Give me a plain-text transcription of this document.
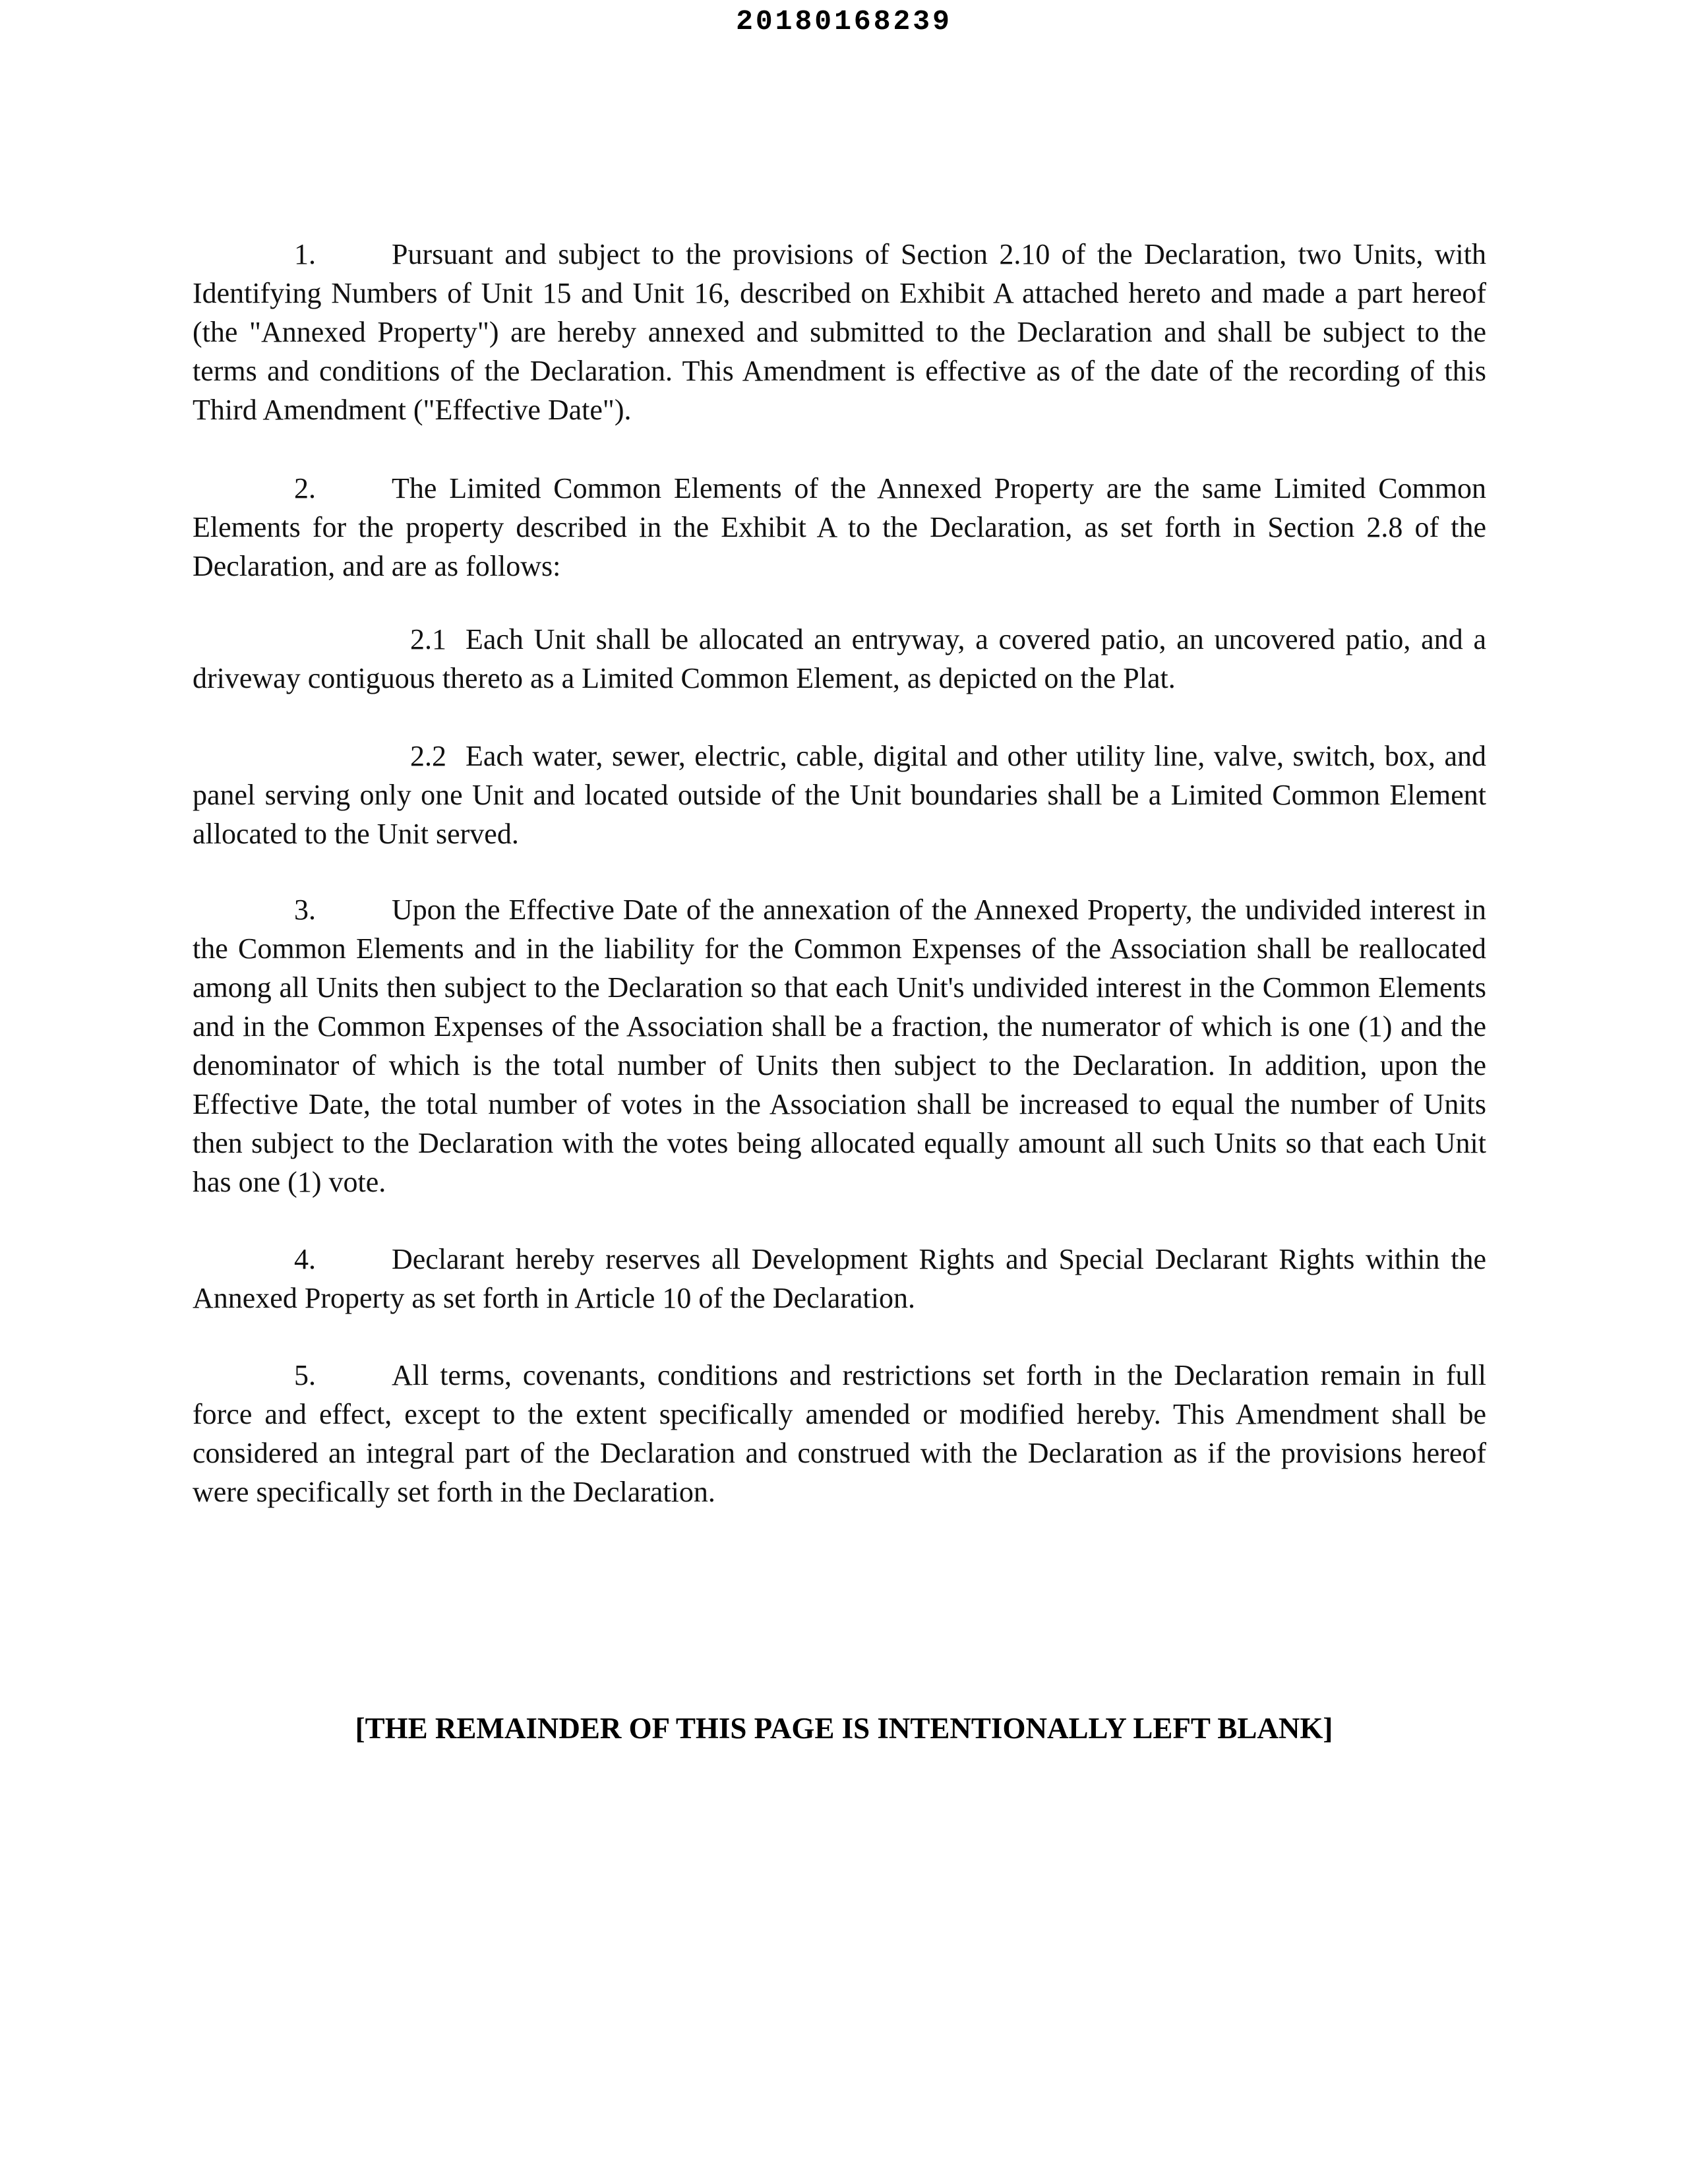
20180168239

1.	Pursuant and subject to the provisions of Section 2.10 of the Declaration, two Units, with Identifying Numbers of Unit 15 and Unit 16, described on Exhibit A attached hereto and made a part hereof (the "Annexed Property") are hereby annexed and submitted to the Declaration and shall be subject to the terms and conditions of the Declaration. This Amendment is effective as of the date of the recording of this Third Amendment ("Effective Date").

2.	The Limited Common Elements of the Annexed Property are the same Limited Common Elements for the property described in the Exhibit A to the Declaration, as set forth in Section 2.8 of the Declaration, and are as follows:

2.1 Each Unit shall be allocated an entryway, a covered patio, an uncovered patio, and a driveway contiguous thereto as a Limited Common Element, as depicted on the Plat.

2.2 Each water, sewer, electric, cable, digital and other utility line, valve, switch, box, and panel serving only one Unit and located outside of the Unit boundaries shall be a Limited Common Element allocated to the Unit served.

3.	Upon the Effective Date of the annexation of the Annexed Property, the undivided interest in the Common Elements and in the liability for the Common Expenses of the Association shall be reallocated among all Units then subject to the Declaration so that each Unit's undivided interest in the Common Elements and in the Common Expenses of the Association shall be a fraction, the numerator of which is one (1) and the denominator of which is the total number of Units then subject to the Declaration. In addition, upon the Effective Date, the total number of votes in the Association shall be increased to equal the number of Units then subject to the Declaration with the votes being allocated equally amount all such Units so that each Unit has one (1) vote.

4.	Declarant hereby reserves all Development Rights and Special Declarant Rights within the Annexed Property as set forth in Article 10 of the Declaration.

5.	All terms, covenants, conditions and restrictions set forth in the Declaration remain in full force and effect, except to the extent specifically amended or modified hereby. This Amendment shall be considered an integral part of the Declaration and construed with the Declaration as if the provisions hereof were specifically set forth in the Declaration.

[THE REMAINDER OF THIS PAGE IS INTENTIONALLY LEFT BLANK]
